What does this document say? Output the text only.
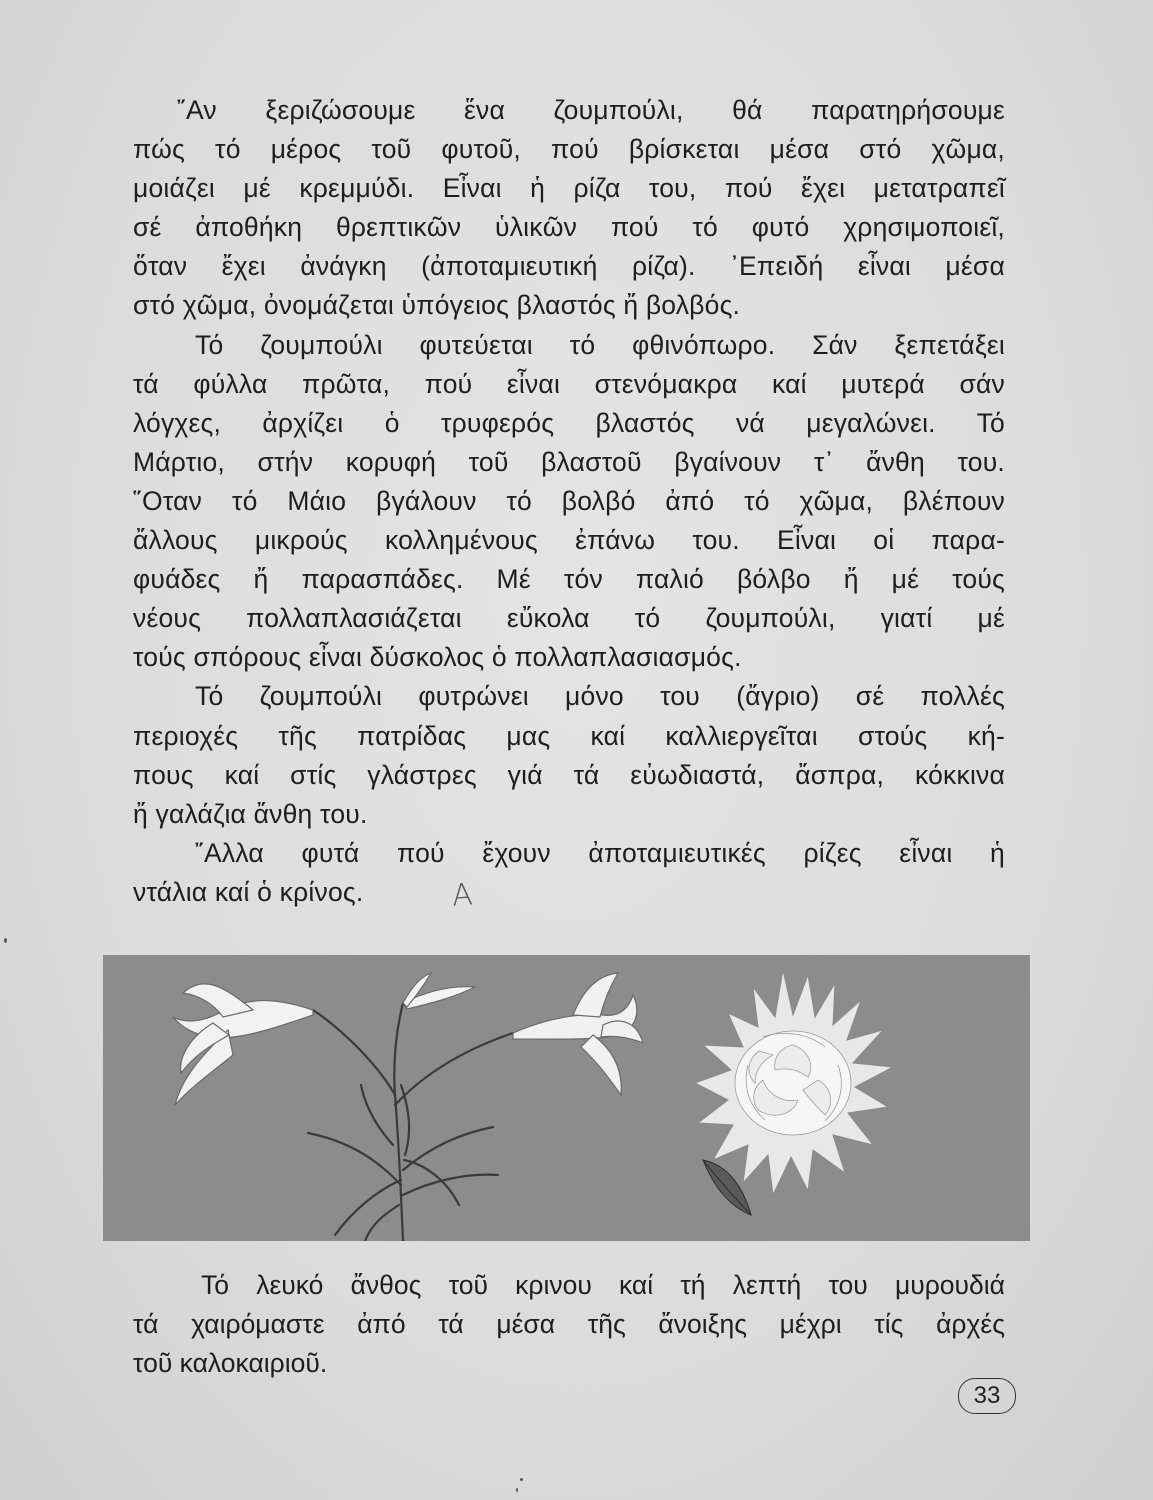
῎Αν ξεριζώσουμε ἕνα ζουμπούλι, θά παρατηρήσουμε
πώς τό μέρος τοῦ φυτοῦ, πού βρίσκεται μέσα στό χῶμα,
μοιάζει μέ κρεμμύδι. Εἶναι ἡ ρίζα του, πού ἔχει μετατραπεῖ
σέ ἀποθήκη θρεπτικῶν ὑλικῶν πού τό φυτό χρησιμοποιεῖ,
ὅταν ἔχει ἀνάγκη (ἀποταμιευτική ρίζα). ᾿Επειδή εἶναι μέσα
στό χῶμα, ὀνομάζεται ὑπόγειος βλαστός ἤ βολβός.

Τό ζουμπούλι φυτεύεται τό φθινόπωρο. Σάν ξεπετάξει
τά φύλλα πρῶτα, πού εἶναι στενόμακρα καί μυτερά σάν
λόγχες, ἀρχίζει ὁ τρυφερός βλαστός νά μεγαλώνει. Τό
Μάρτιο, στήν κορυφή τοῦ βλαστοῦ βγαίνουν τ᾿ ἄνθη του.
῞Οταν τό Μάιο βγάλουν τό βολβό ἀπό τό χῶμα, βλέπουν
ἄλλους μικρούς κολλημένους ἐπάνω του. Εἶναι οἱ παρα-
φυάδες ἤ παρασπάδες. Μέ τόν παλιό βόλβο ἤ μέ τούς
νέους πολλαπλασιάζεται εὔκολα τό ζουμπούλι, γιατί μέ
τούς σπόρους εἶναι δύσκολος ὁ πολλαπλασιασμός.

Τό ζουμπούλι φυτρώνει μόνο του (ἄγριο) σέ πολλές
περιοχές τῆς πατρίδας μας καί καλλιεργεῖται στούς κή-
πους καί στίς γλάστρες γιά τά εὐωδιαστά, ἄσπρα, κόκκινα
ἤ γαλάζια ἄνθη του.

῎Αλλα φυτά πού ἔχουν ἀποταμιευτικές ρίζες εἶναι ἡ
ντάλια καί ὁ κρίνος.	A
Τό λευκό ἄνθος τοῦ κρινου καί τή λεπτή του μυρουδιά
τά χαιρόμαστε ἀπό τά μέσα τῆς ἄνοιξης μέχρι τίς ἀρχές
τοῦ καλοκαιριοῦ.
33
